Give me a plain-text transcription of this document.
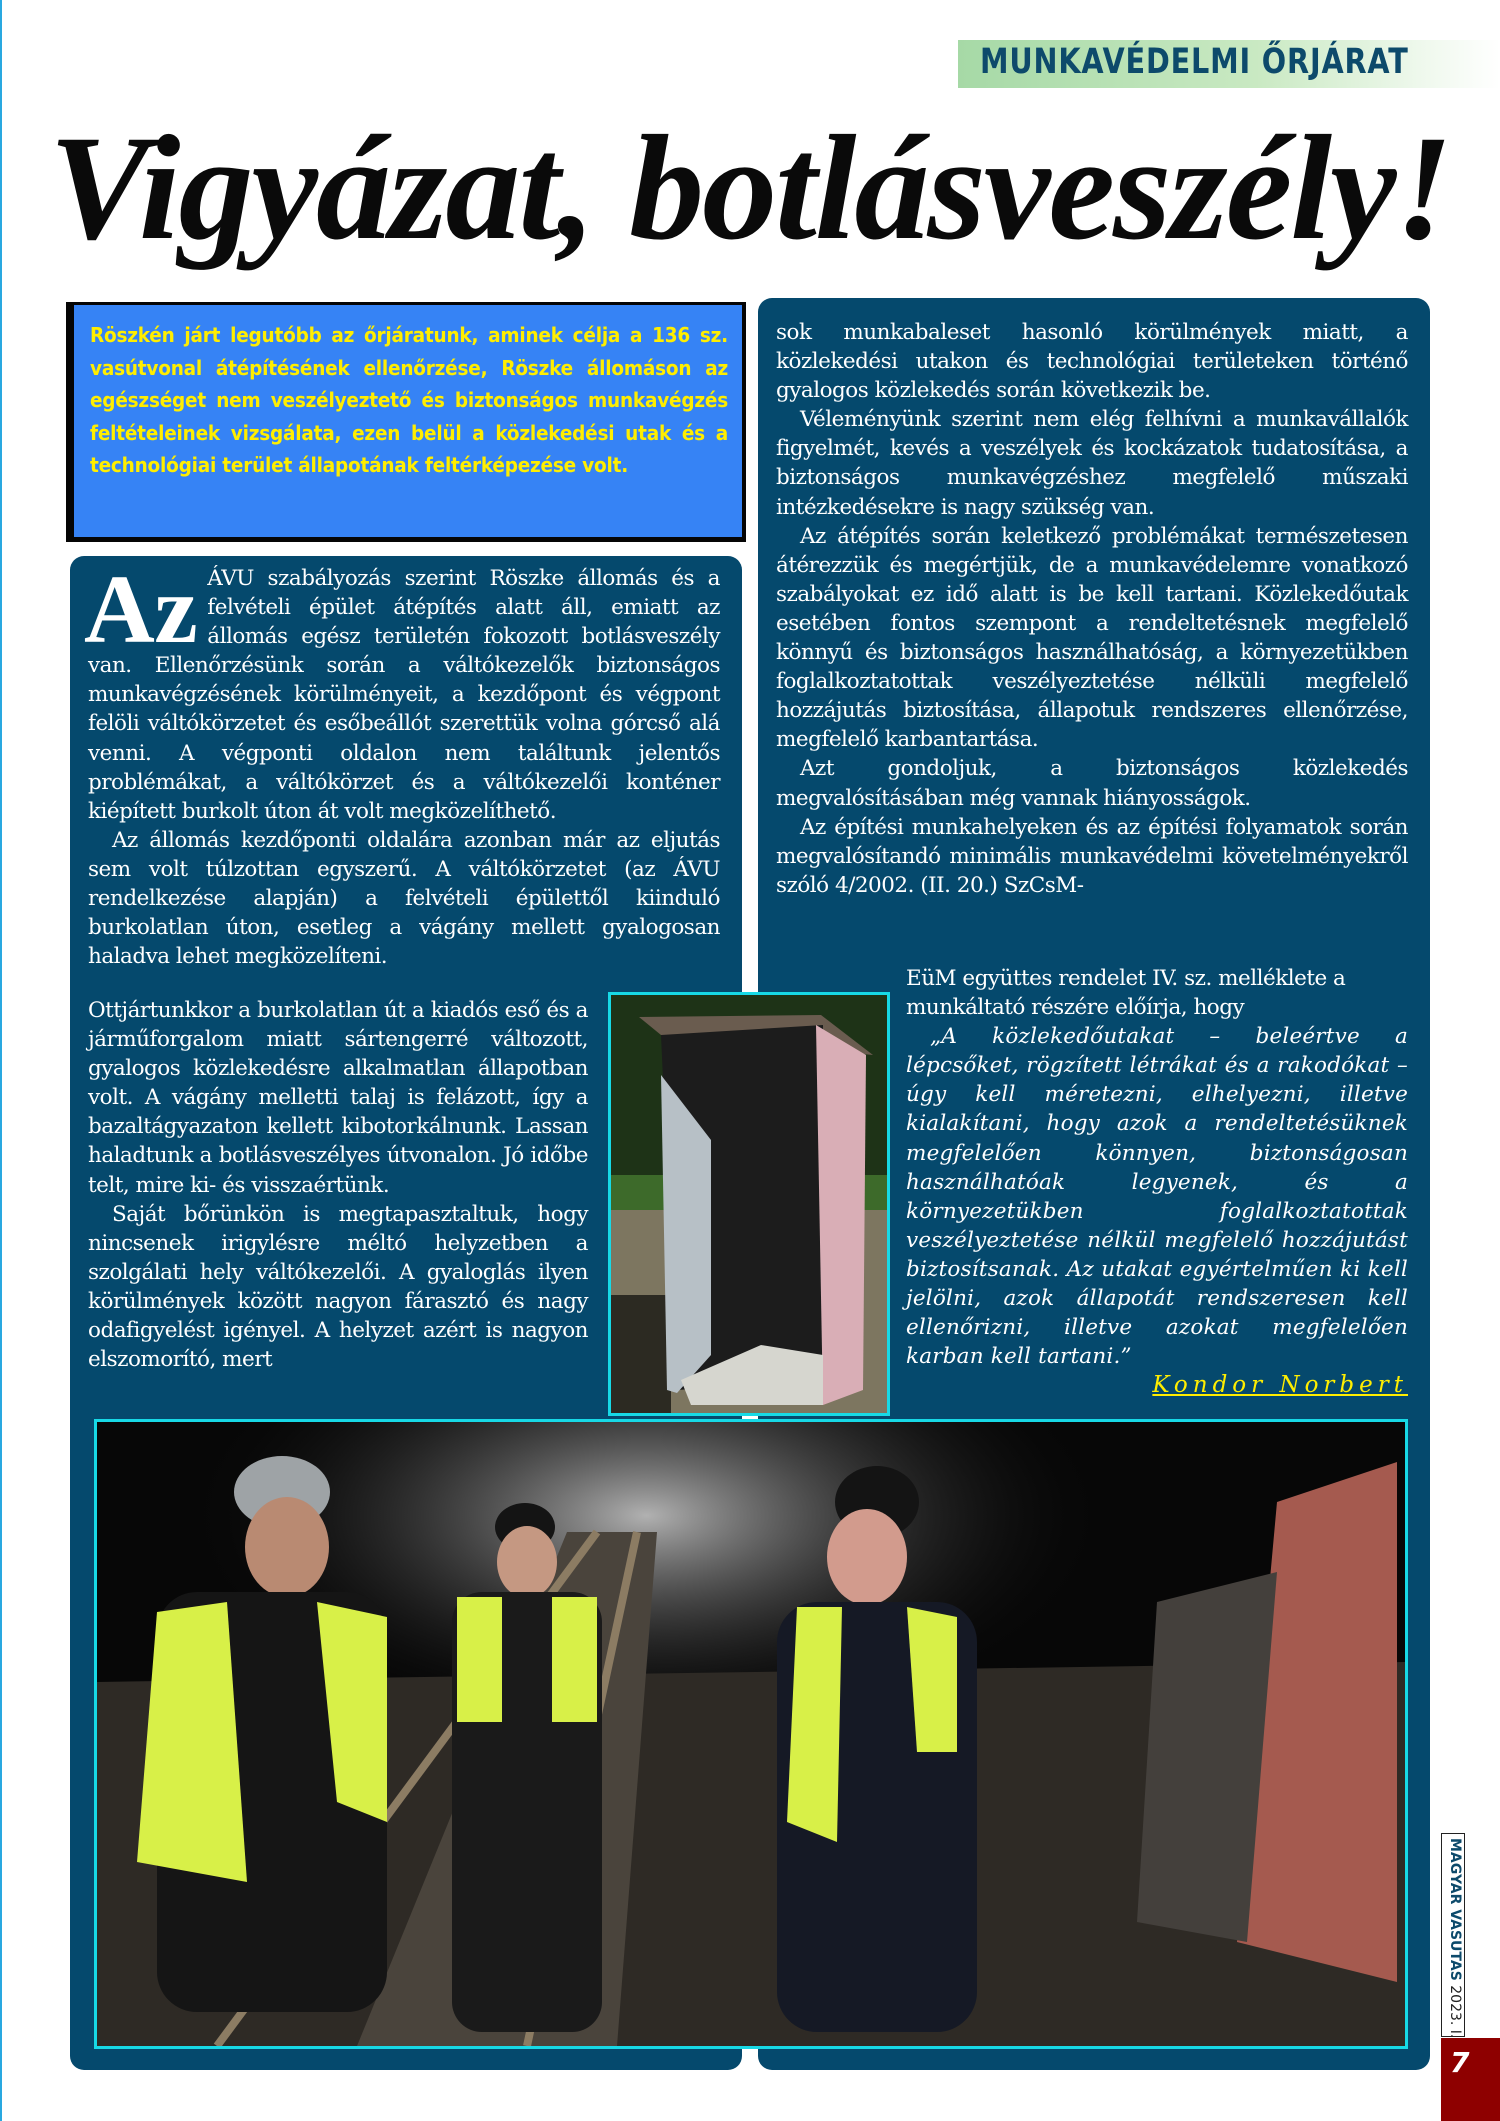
MUNKAVÉDELMI ŐRJÁRAT
Vigyázat, botlásveszély!
Röszkén járt legutóbb az őrjáratunk, aminek célja a 136 sz. vasútvonal átépítésének ellenőrzése, Röszke állomáson az egészséget nem veszélyeztető és biztonságos munkavégzés feltételeinek vizsgálata, ezen belül a közlekedési utak és a technológiai terület állapotának feltérképezése volt.

Az ÁVU szabályozás szerint Röszke állomás és a felvételi épület átépítés alatt áll, emiatt az állomás egész területén fokozott botlásveszély van. Ellenőrzésünk során a váltókezelők biztonságos munkavégzésének körülményeit, a kezdőpont és végpont felöli váltókörzetet és esőbeállót szerettük volna górcső alá venni. A végponti oldalon nem találtunk jelentős problémákat, a váltókörzet és a váltókezelői konténer kiépített burkolt úton át volt megközelíthető.

Az állomás kezdőponti oldalára azonban már az eljutás sem volt túlzottan egyszerű. A váltókörzetet (az ÁVU rendelkezése alapján) a felvételi épülettől kiinduló burkolatlan úton, esetleg a vágány mellett gyalogosan haladva lehet megközelíteni.

Ottjártunkkor a burkolatlan út a kiadós eső és a járműforgalom miatt sártengerré változott, gyalogos közlekedésre alkalmatlan állapotban volt. A vágány melletti talaj is felázott, így a bazaltágyazaton kellett kibotorkálnunk. Lassan haladtunk a botlásveszélyes útvonalon. Jó időbe telt, mire ki- és visszaértünk.

Saját bőrünkön is megtapasztaltuk, hogy nincsenek irigylésre méltó helyzetben a szolgálati hely váltókezelői. A gyaloglás ilyen körülmények között nagyon fárasztó és nagy odafigyelést igényel. A helyzet azért is nagyon elszomorító, mert

sok munkabaleset hasonló körülmények miatt, a közlekedési utakon és technológiai területeken történő gyalogos közlekedés során következik be.

Véleményünk szerint nem elég felhívni a munkavállalók figyelmét, kevés a veszélyek és kockázatok tudatosítása, a biztonságos munkavégzéshez megfelelő műszaki intézkedésekre is nagy szükség van.

Az átépítés során keletkező problémákat természetesen átérezzük és megértjük, de a munkavédelemre vonatkozó szabályokat ez idő alatt is be kell tartani. Közlekedőutak esetében fontos szempont a rendeltetésnek megfelelő könnyű és biztonságos használhatóság, a környezetükben foglalkoztatottak veszélyeztetése nélküli megfelelő hozzájutás biztosítása, állapotuk rendszeres ellenőrzése, megfelelő karbantartása.

Azt gondoljuk, a biztonságos közlekedés megvalósításában még vannak hiányosságok.

Az építési munkahelyeken és az építési folyamatok során megvalósítandó minimális munkavédelmi követelményekről szóló 4/2002. (II. 20.) SzCsM-

EüM együttes rendelet IV. sz. melléklete a munkáltató részére előírja, hogy

„A közlekedőutakat – beleértve a lépcsőket, rögzített létrákat és a rakodókat – úgy kell méretezni, elhelyezni, illetve kialakítani, hogy azok a rendeltetésüknek megfelelően könnyen, biztonságosan használhatóak legyenek, és a környezetükben foglalkoztatottak veszélyeztetése nélkül megfelelő hozzájutást biztosítsanak. Az utakat egyértelműen ki kell jelölni, azok állapotát rendszeresen kell ellenőrizni, illetve azokat megfelelően karban kell tartani.”

Kondor Norbert
MAGYAR VASUTAS 2023. I.
7
